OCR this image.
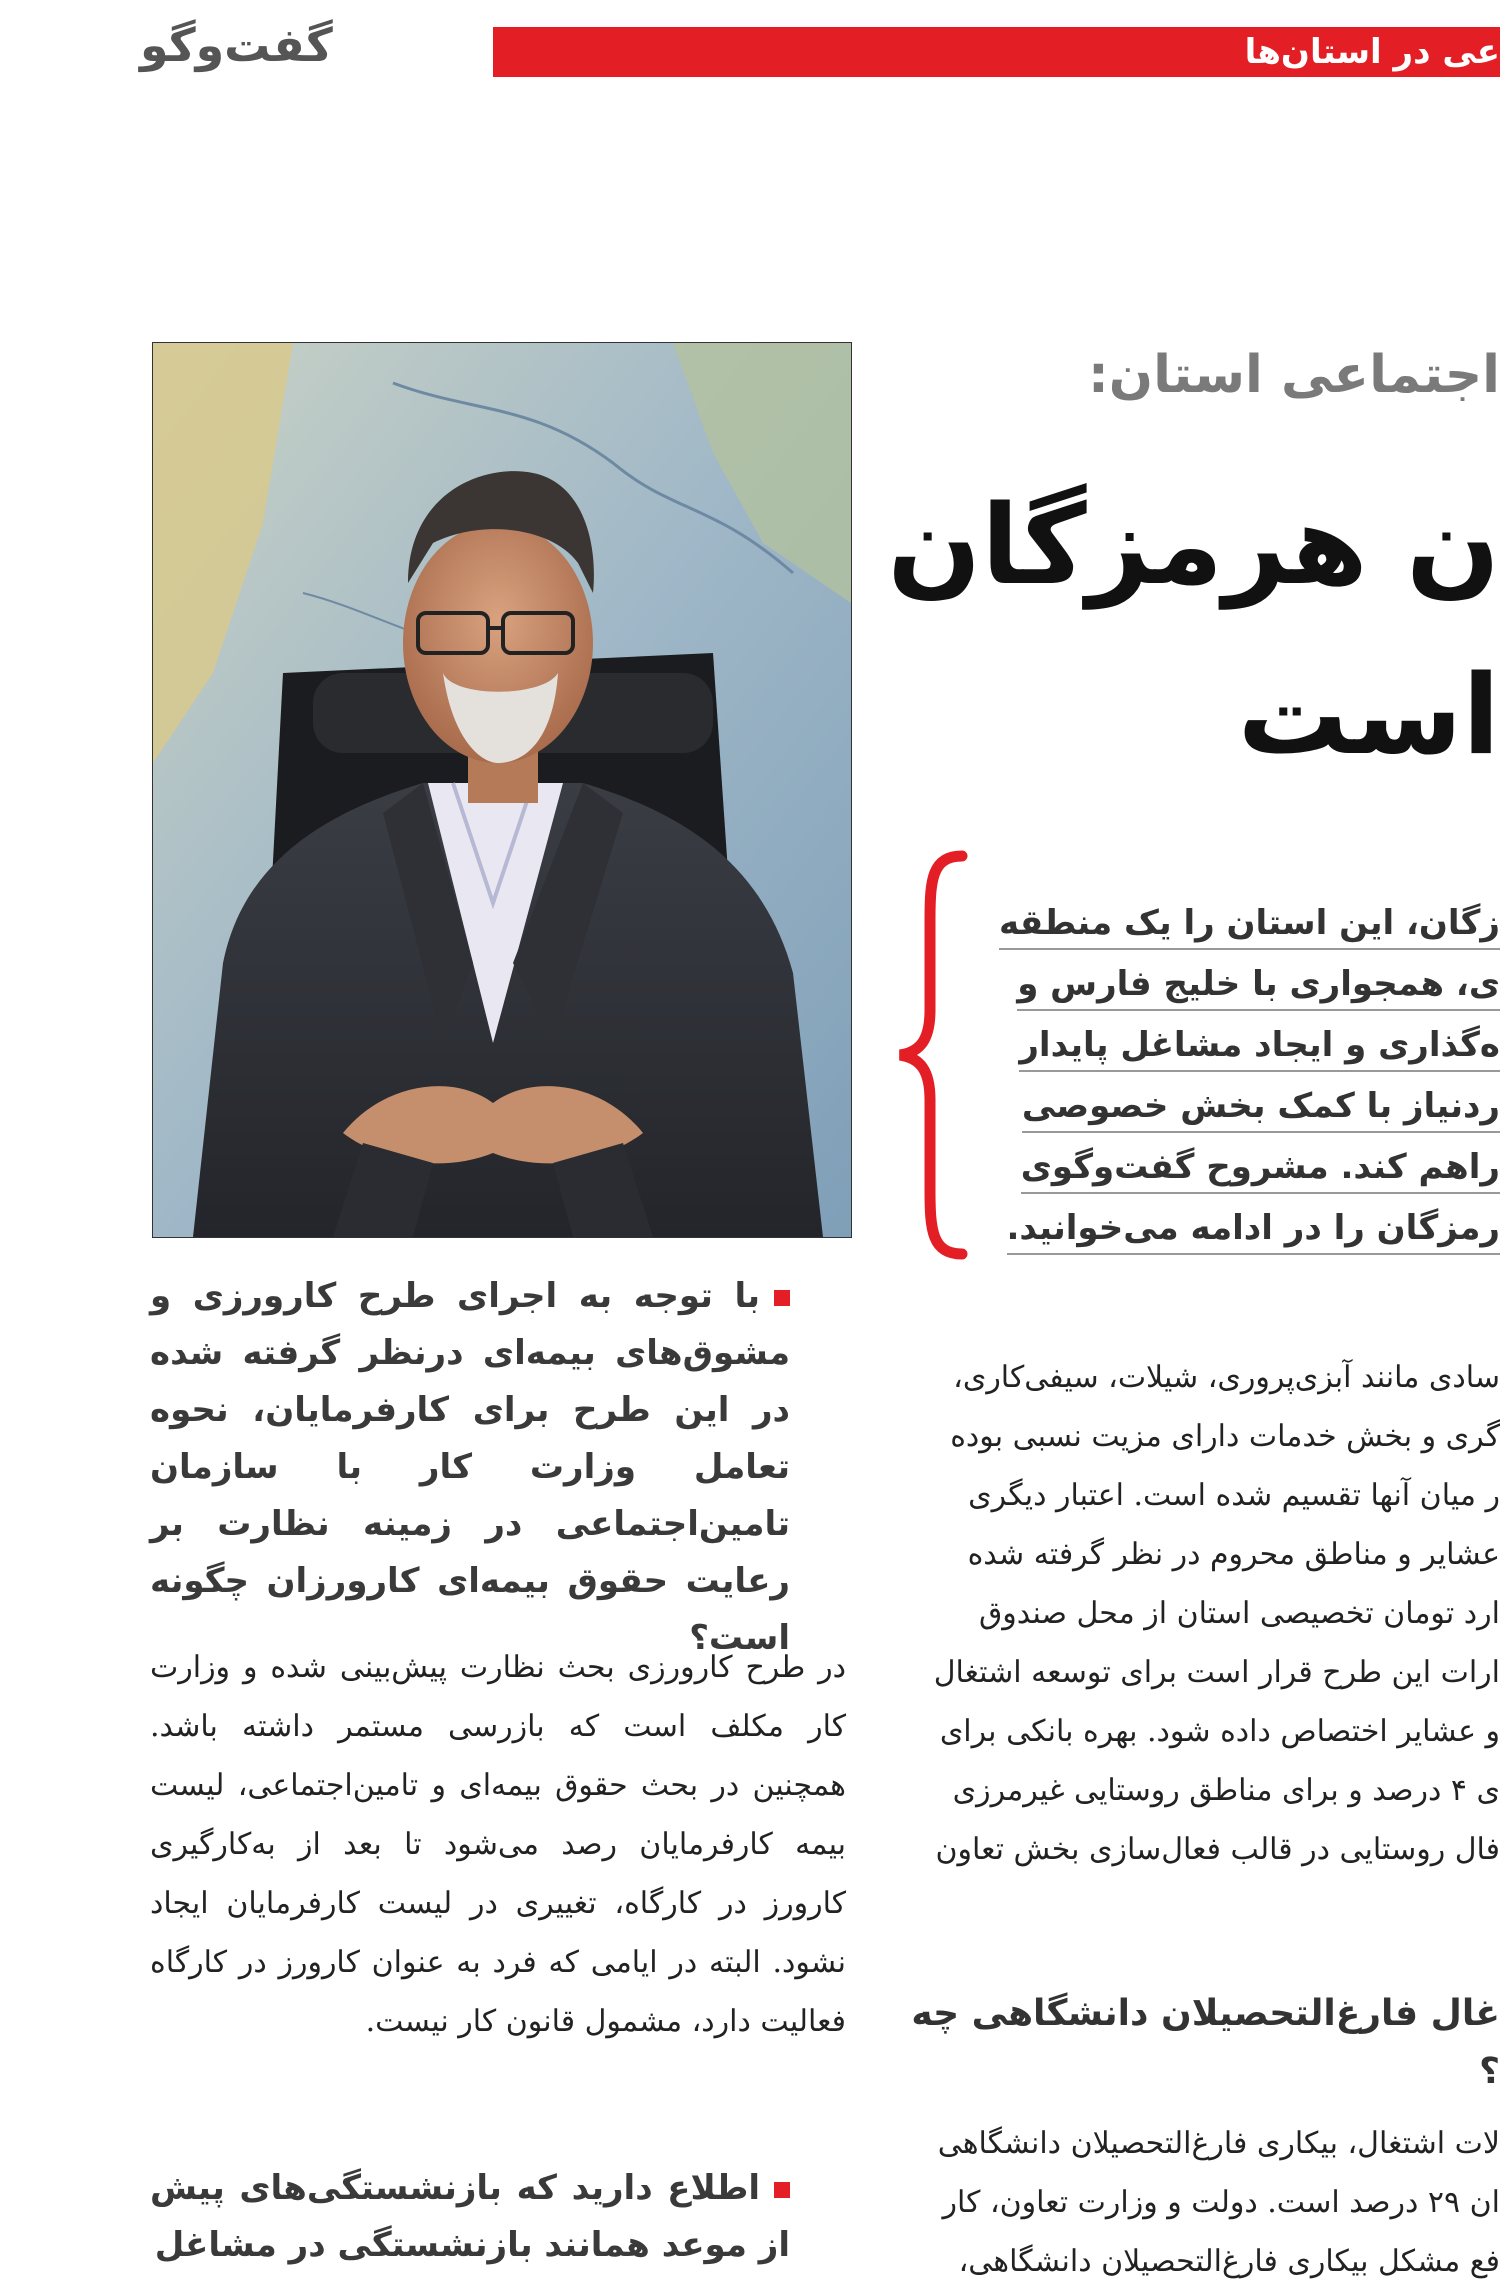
گفت‌وگو	عی در استان‌ها
اجتماعی استان:
ن هرمزگان
است
زگان، این استان را یک منطقه
ی، همجواری با خلیج فارس و
ه‌گذاری و ایجاد مشاغل پایدار
ردنیاز با کمک بخش خصوصی
راهم کند. مشروح گفت‌وگوی
رمزگان را در ادامه می‌خوانید.
با توجه به اجرای طرح کارورزی و مشوق‌های بیمه‌ای درنظر گرفته شده در این طرح برای کارفرمایان، نحوه تعامل وزارت کار با سازمان تامین‌اجتماعی در زمینه نظارت بر رعایت حقوق بیمه‌ای کارورزان چگونه است؟
در طرح کارورزی بحث نظارت پیش‌بینی شده و وزارت کار مکلف است که بازرسی مستمر داشته باشد. همچنین در بحث حقوق بیمه‌ای و تامین‌اجتماعی، لیست بیمه کارفرمایان رصد می‌شود تا بعد از به‌کارگیری کارورز در کارگاه، تغییری در لیست کارفرمایان ایجاد نشود. البته در ایامی که فرد به عنوان کارورز در کارگاه فعالیت دارد، مشمول قانون کار نیست.
اطلاع دارید که بازنشستگی‌های پیش از موعد همانند بازنشستگی در مشاغل
سادی مانند آبزی‌پروری، شیلات، سیفی‌کاری،
گری و بخش خدمات دارای مزیت نسبی بوده
ر میان آنها تقسیم شده است. اعتبار دیگری
عشایر و مناطق محروم در نظر گرفته شده
ارد تومان تخصیصی استان از محل صندوق
ارات این طرح قرار است برای توسعه اشتغال
و عشایر اختصاص داده شود. بهره بانکی برای
ی ۴ درصد و برای مناطق روستایی غیرمرزی
فال روستایی در قالب فعال‌سازی بخش تعاون
غال فارغ‌التحصیلان دانشگاهی چه
؟
لات اشتغال، بیکاری فارغ‌التحصیلان دانشگاهی
ان ۲۹ درصد است. دولت و وزارت تعاون، کار
فع مشکل بیکاری فارغ‌التحصیلان دانشگاهی،
